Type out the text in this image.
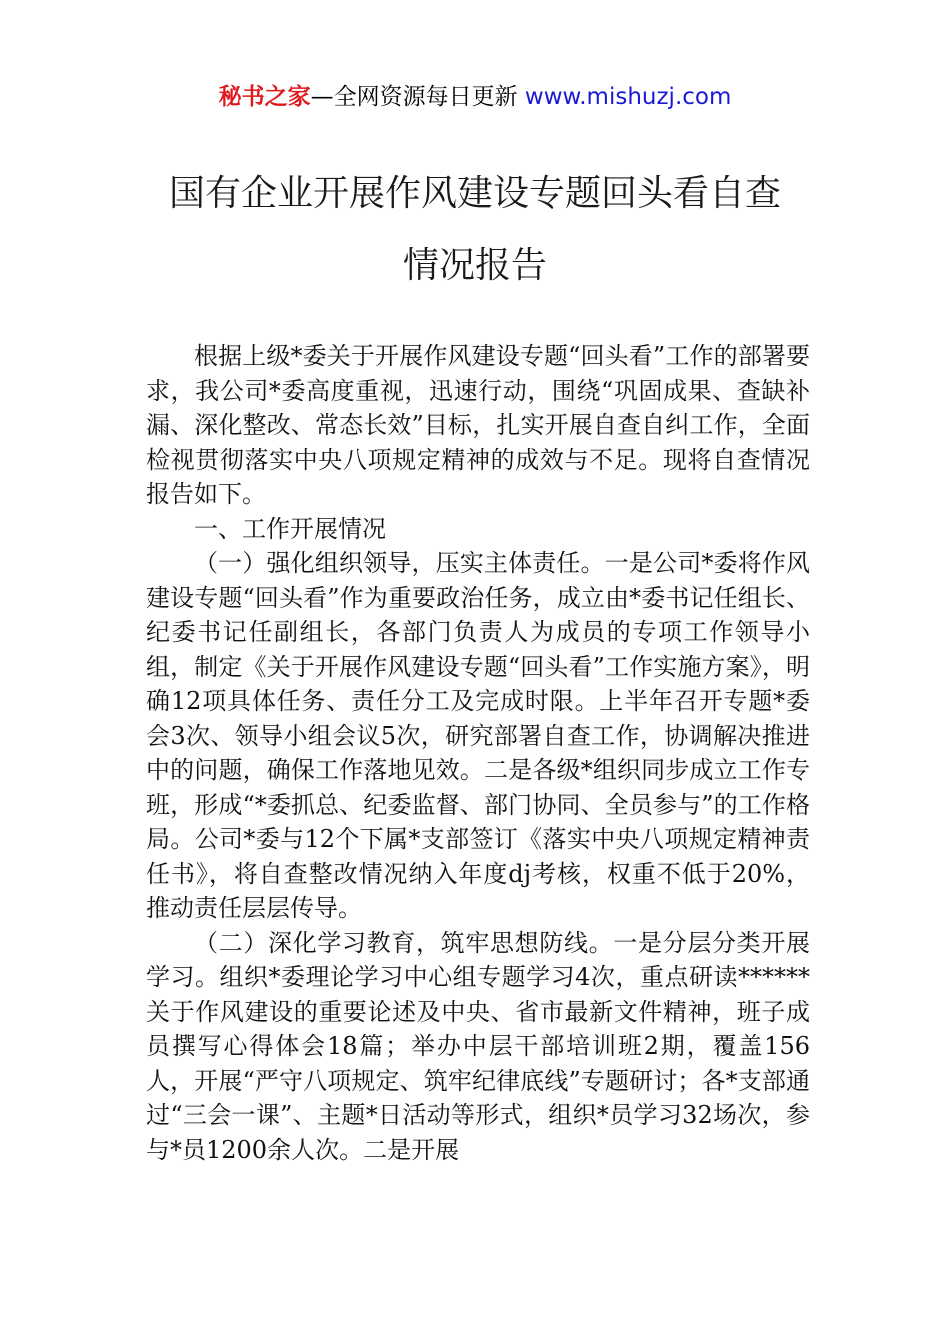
秘书之家—全网资源每日更新 www.mishuzj.com
国有企业开展作风建设专题回头看自查
情况报告

根据上级*委关于开展作风建设专题“回头看”工作的部署要求，我公司*委高度重视，迅速行动，围绕“巩固成果、查缺补漏、深化整改、常态长效”目标，扎实开展自查自纠工作，全面检视贯彻落实中央八项规定精神的成效与不足。现将自查情况报告如下。

一、工作开展情况

（一）强化组织领导，压实主体责任。一是公司*委将作风建设专题“回头看”作为重要政治任务，成立由*委书记任组长、纪委书记任副组长，各部门负责人为成员的专项工作领导小组，制定《关于开展作风建设专题“回头看”工作实施方案》，明确12项具体任务、责任分工及完成时限。上半年召开专题*委会3次、领导小组会议5次，研究部署自查工作，协调解决推进中的问题，确保工作落地见效。二是各级*组织同步成立工作专班，形成“*委抓总、纪委监督、部门协同、全员参与”的工作格局。公司*委与12个下属*支部签订《落实中央八项规定精神责任书》，将自查整改情况纳入年度dj考核，权重不低于20%，推动责任层层传导。

（二）深化学习教育，筑牢思想防线。一是分层分类开展学习。组织*委理论学习中心组专题学习4次，重点研读******关于作风建设的重要论述及中央、省市最新文件精神，班子成员撰写心得体会18篇；举办中层干部培训班2期，覆盖156人，开展“严守八项规定、筑牢纪律底线”专题研讨；各*支部通过“三会一课”、主题*日活动等形式，组织*员学习32场次，参与*员1200余人次。二是开展
